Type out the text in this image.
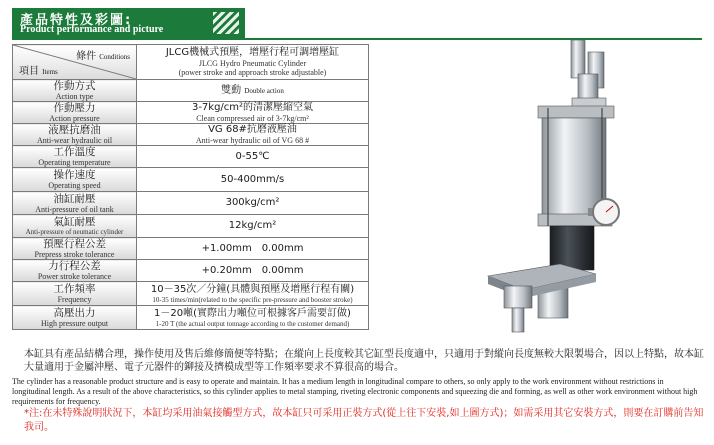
產品特性及彩圖:
Product performance and picture
條件 Conditions
項目 Items	JLCG機械式預壓，增壓行程可調增壓缸
JLCG Hydro Pneumatic Cylinder
(power stroke and approach stroke adjustable)

作動方式
Action type	雙動 Double action

作動壓力
Action pressure	3-7kg/cm²的清潔壓縮空氣
Clean compressed air of 3-7kg/cm²

液壓抗磨油
Anti-wear hydraulic oil	VG 68#抗磨液壓油
Anti-wear hydraulic oil of VG 68 #

工作溫度
Operating temperature	0-55℃

操作速度
Operating speed	50-400mm/s

油缸耐壓
Anti-pressure of oil tank	300kg/cm²

氣缸耐壓
Anti-pressure of neumatic cylinder	12kg/cm²

預壓行程公差
Prepress stroke tolerance	+1.00mm　0.00mm

力行程公差
Power stroke tolerance	+0.20mm　0.00mm

工作頻率
Frequency	10－35次／分鐘(具體與預壓及增壓行程有關)
10-35 times/min(related to the specific pre-pressure and booster stroke)

高壓出力
High pressure output	1－20噸(實際出力噸位可根據客戶需要訂做)
1-20 T (the actual output tonnage according to the customer demand)
本缸具有產品結構合理，操作使用及售后維修簡便等特點；在縱向上長度較其它缸型長度適中，只適用于對縱向長度無較大限製場合，因以上特點，故本缸大量適用于金屬沖壓、電子元器件的鉚接及擠模成型等工作頻率要求不算很高的場合。
The cylinder has a reasonable product structure and is easy to operate and maintain. It has a medium length in longitudinal compare to others, so only apply to the work environment without restrictions in longitudinal length. As a result of the above characteristics, so this cylinder applies to metal stamping, riveting electronic components and squeezing die and forming, as well as other work environment without high requirements for frequency.
*注:在未特殊說明狀況下，本缸均采用油氣接觸型方式，故本缸只可采用正裝方式(從上往下安裝,如上圖方式)；如需采用其它安裝方式，則要在訂購前告知我司。
